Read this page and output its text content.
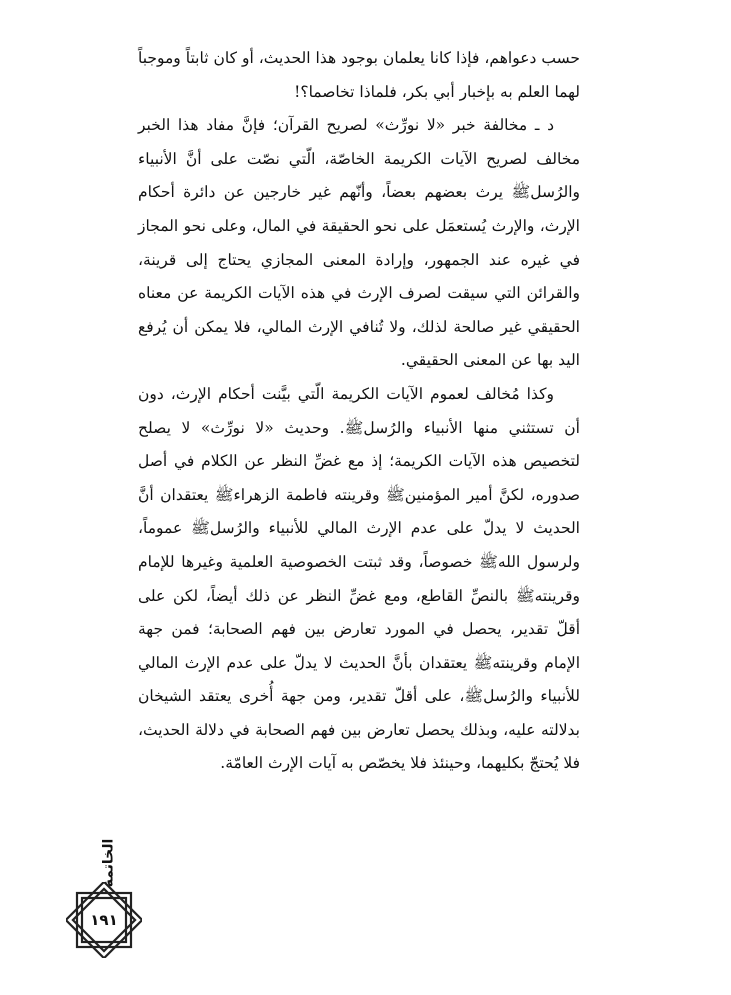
حسب دعواهم، فإذا كانا يعلمان بوجود هذا الحديث، أو كان ثابتاً وموجباً لهما العلم به بإخبار أبي بكر، فلماذا تخاصما؟!

د ـ مخالفة خبر «لا نورِّث» لصريح القرآن؛ فإنَّ مفاد هذا الخبر مخالف لصريح الآيات الكريمة الخاصّة، الّتي نصّت على أنَّ الأنبياء والرُسلﷺ يرث بعضهم بعضاً، وأنّهم غير خارجين عن دائرة أحكام الإرث، والإرث يُستعمَل على نحو الحقيقة في المال، وعلى نحو المجاز في غيره عند الجمهور، وإرادة المعنى المجازي يحتاج إلى قرينة، والقرائن التي سيقت لصرف الإرث في هذه الآيات الكريمة عن معناه الحقيقي غير صالحة لذلك، ولا تُنافي الإرث المالي، فلا يمكن أن يُرفع اليد بها عن المعنى الحقيقي.

وكذا مُخالف لعموم الآيات الكريمة الّتي بيَّنت أحكام الإرث، دون أن تستثني منها الأنبياء والرُسلﷺ. وحديث «لا نورِّث» لا يصلح لتخصيص هذه الآيات الكريمة؛ إذ مع غضِّ النظر عن الكلام في أصل صدوره، لكنَّ أمير المؤمنينﷺ وقرينته فاطمة الزهراءﷺ يعتقدان أنَّ الحديث لا يدلّ على عدم الإرث المالي للأنبياء والرُسلﷺ عموماً، ولرسول اللهﷺ خصوصاً، وقد ثبتت الخصوصية العلمية وغيرها للإمام وقرينتهﷺ بالنصِّ القاطع، ومع غضِّ النظر عن ذلك أيضاً، لكن على أقلّ تقدير، يحصل في المورد تعارض بين فهم الصحابة؛ فمن جهة الإمام وقرينتهﷺ يعتقدان بأنَّ الحديث لا يدلّ على عدم الإرث المالي للأنبياء والرُسلﷺ، على أقلّ تقدير، ومن جهة أُخرى يعتقد الشيخان بدلالته عليه، وبذلك يحصل تعارض بين فهم الصحابة في دلالة الحديث، فلا يُحتجّ بكليهما، وحينئذ فلا يخصّص به آيات الإرث العامّة.

الخاتمة
١٩١
